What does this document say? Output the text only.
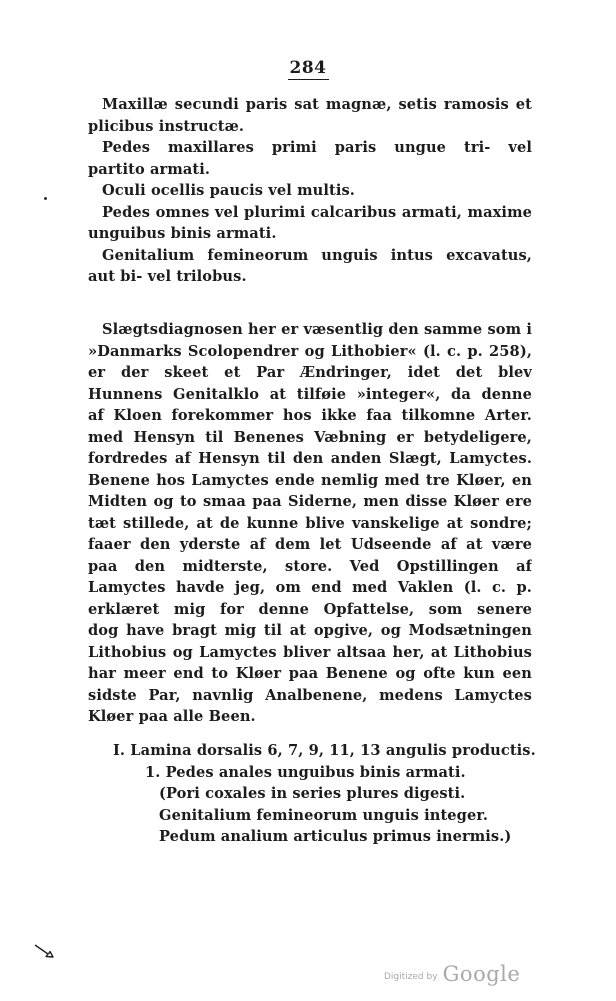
284
Maxillæ secundi paris sat magnæ, setis ramosis et
plicibus instructæ.
Pedes maxillares primi paris ungue tri- vel
partito armati.
Oculi ocellis paucis vel multis.
Pedes omnes vel plurimi calcaribus armati, maxime
unguibus binis armati.
Genitalium femineorum unguis intus excavatus,
aut bi- vel trilobus.
Slægtsdiagnosen her er væsentlig den samme som i
»Danmarks Scolopendrer og Lithobier« (l. c. p. 258),
er der skeet et Par Ændringer, idet det blev
Hunnens Genitalklo at tilføie »integer«, da denne
af Kloen forekommer hos ikke faa tilkomne Arter.
med Hensyn til Benenes Væbning er betydeligere,
fordredes af Hensyn til den anden Slægt, Lamyctes.
Benene hos Lamyctes ende nemlig med tre Kløer, en
Midten og to smaa paa Siderne, men disse Kløer ere
tæt stillede, at de kunne blive vanskelige at sondre;
faaer den yderste af dem let Udseende af at være
paa den midterste, store. Ved Opstillingen af
Lamyctes havde jeg, om end med Vaklen (l. c. p.
erklæret mig for denne Opfattelse, som senere
dog have bragt mig til at opgive, og Modsætningen
Lithobius og Lamyctes bliver altsaa her, at Lithobius
har meer end to Kløer paa Benene og ofte kun een
sidste Par, navnlig Analbenene, medens Lamyctes
Kløer paa alle Been.
I. Lamina dorsalis 6, 7, 9, 11, 13 angulis productis.
1. Pedes anales unguibus binis armati.
(Pori coxales in series plures digesti.
Genitalium femineorum unguis integer.
Pedum analium articulus primus inermis.)
Digitized by Google
